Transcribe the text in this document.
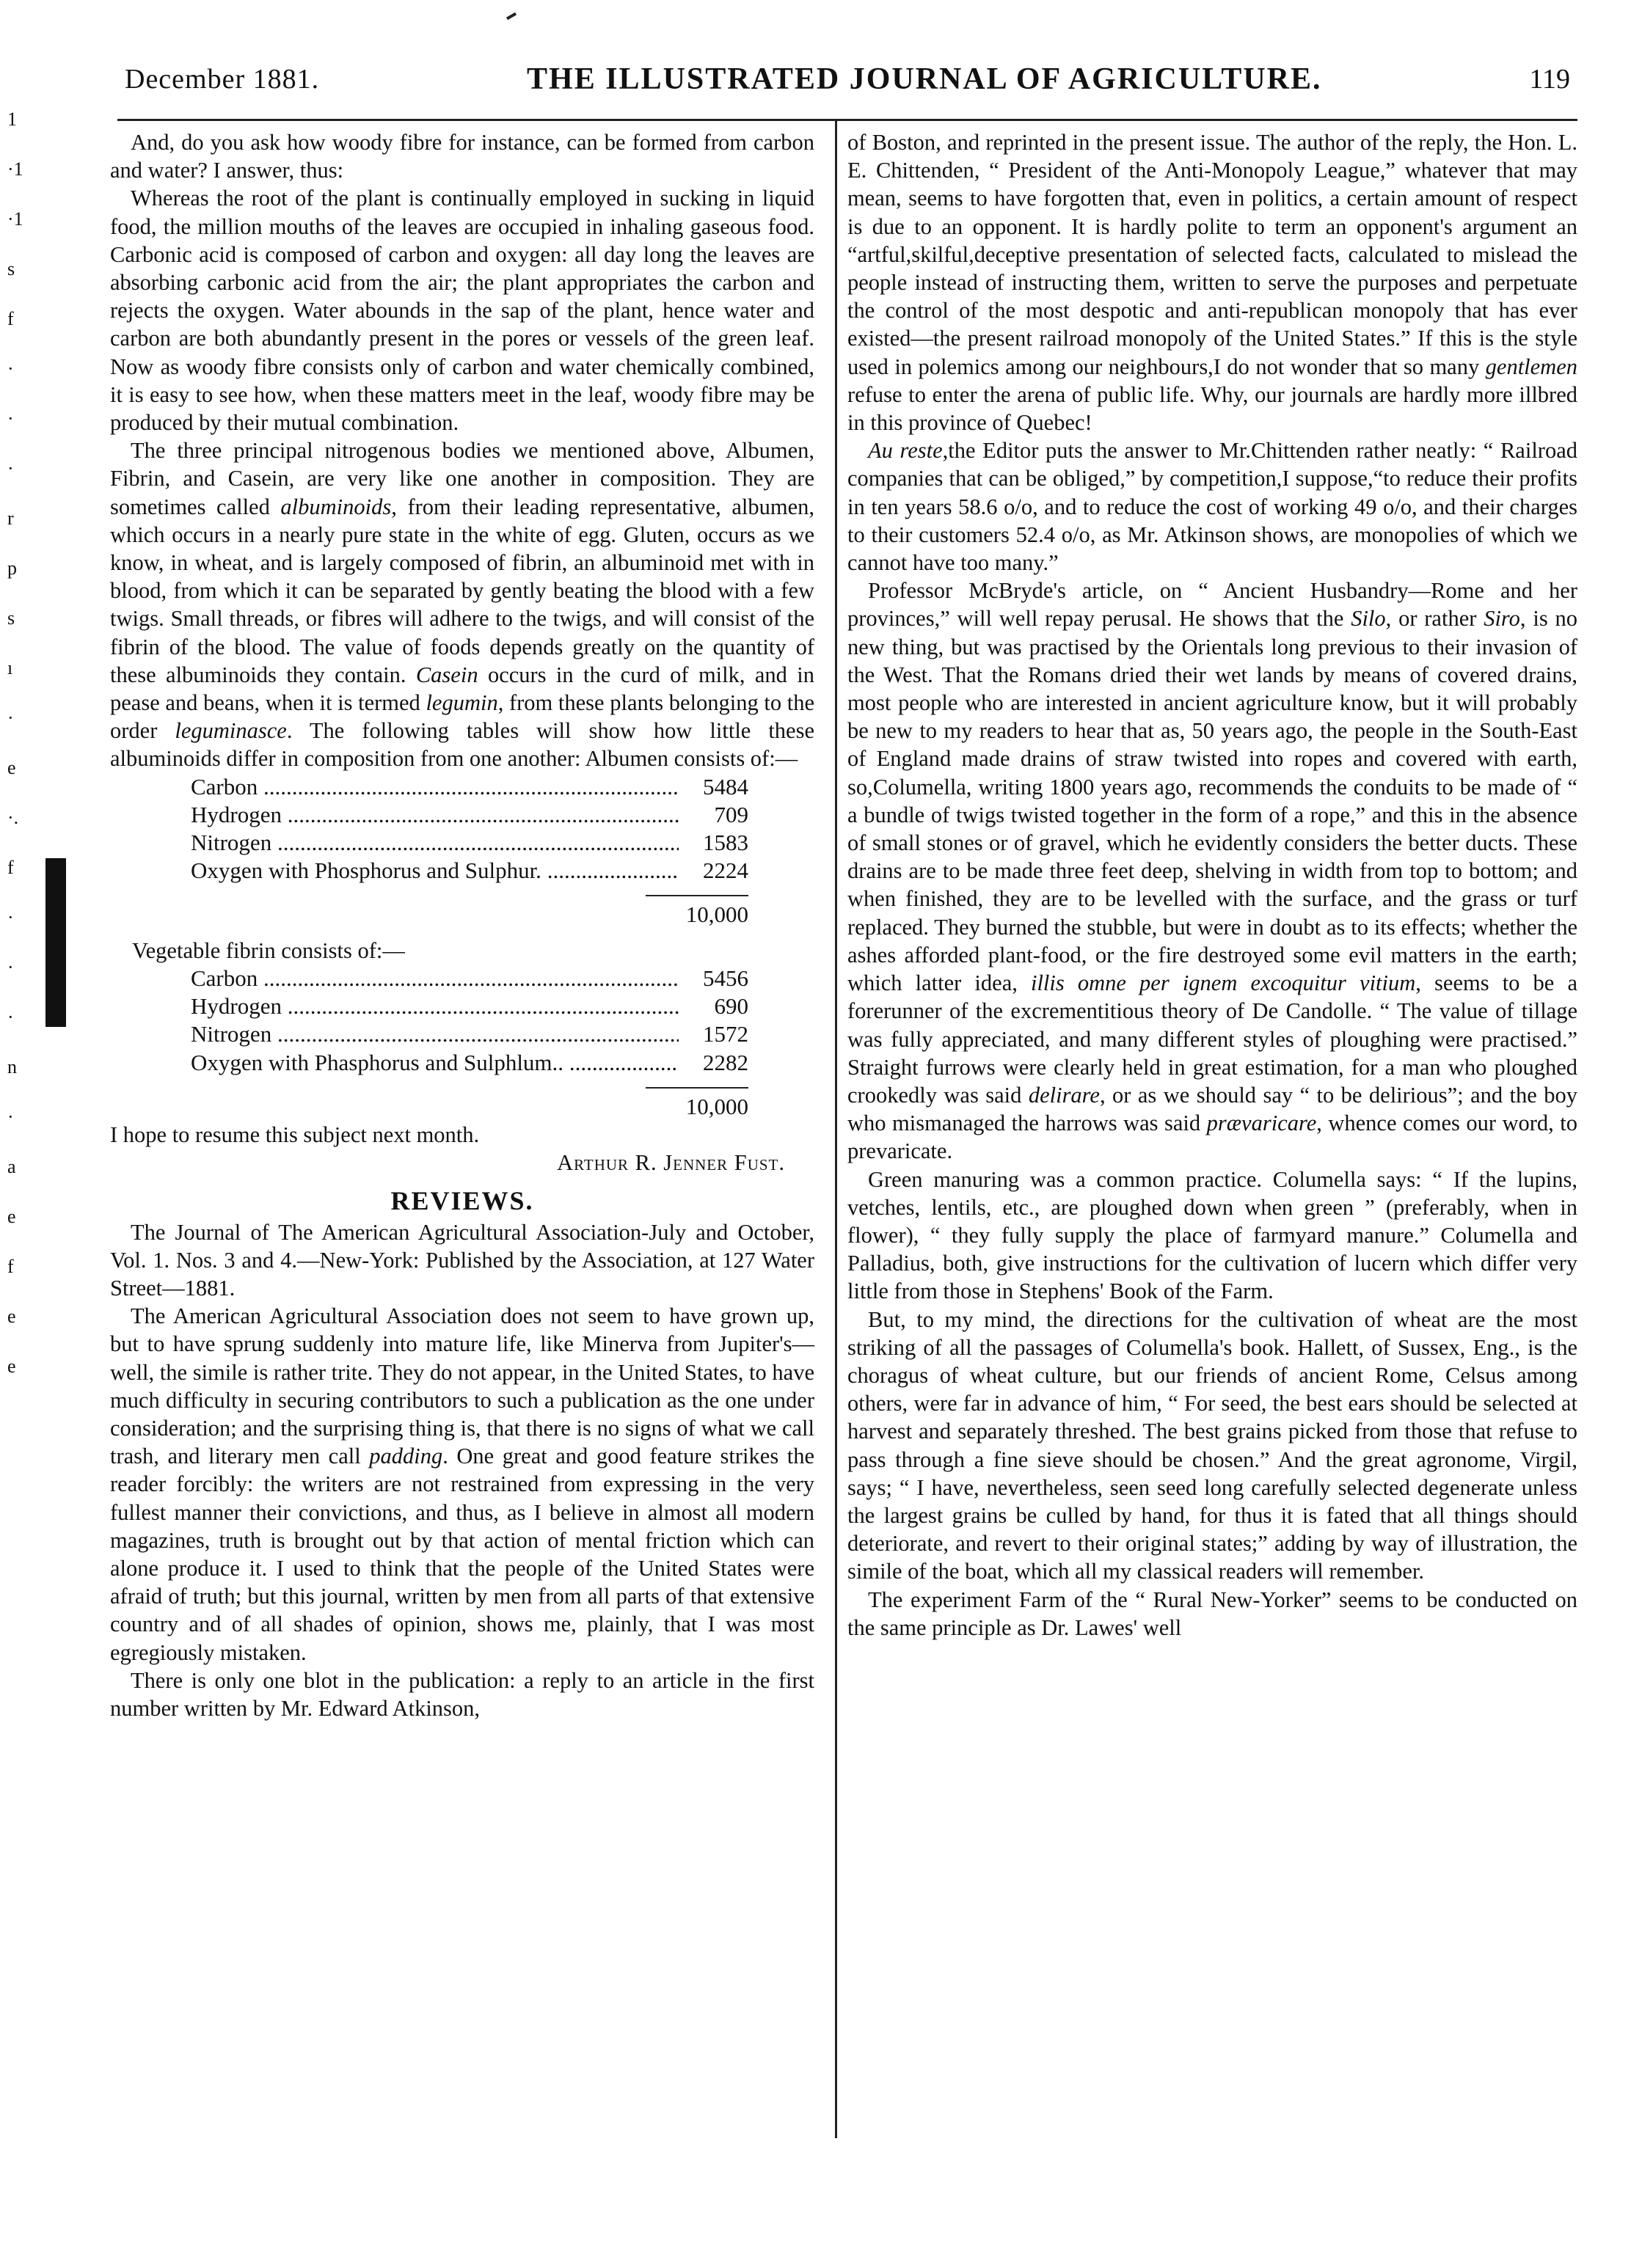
December 1881.	THE ILLUSTRATED JOURNAL OF AGRICULTURE.	119
1
·1
·1
s
f
·
·
·
r
p
s
ı
·
e
·.
f
·
·
·
n
·
a
e
f
e
e

And, do you ask how woody fibre for instance, can be formed from carbon and water? I answer, thus:

Whereas the root of the plant is continually employed in sucking in liquid food, the million mouths of the leaves are occupied in inhaling gaseous food. Carbonic acid is composed of carbon and oxygen: all day long the leaves are absorbing carbonic acid from the air; the plant appropriates the carbon and rejects the oxygen. Water abounds in the sap of the plant, hence water and carbon are both abundantly present in the pores or vessels of the green leaf. Now as woody fibre consists only of carbon and water chemically combined, it is easy to see how, when these matters meet in the leaf, woody fibre may be produced by their mutual combination.

The three principal nitrogenous bodies we mentioned above, Albumen, Fibrin, and Casein, are very like one another in composition. They are sometimes called albuminoids, from their leading representative, albumen, which occurs in a nearly pure state in the white of egg. Gluten, occurs as we know, in wheat, and is largely composed of fibrin, an albuminoid met with in blood, from which it can be separated by gently beating the blood with a few twigs. Small threads, or fibres will adhere to the twigs, and will consist of the fibrin of the blood. The value of foods depends greatly on the quantity of these albuminoids they contain. Casein occurs in the curd of milk, and in pease and beans, when it is termed legumin, from these plants belonging to the order leguminasce. The following tables will show how little these albuminoids differ in composition from one another: Albumen consists of:—

Carbon .....	5484
Hydrogen .....	709
Nitrogen .....	1583
Oxygen with Phosphorus and Sulphur. .....	2224
10,000

Vegetable fibrin consists of:—

Carbon .....	5456
Hydrogen .....	690
Nitrogen .....	1572
Oxygen with Phasphorus and Sulphlum.. .....	2282
10,000

I hope to resume this subject next month.

Arthur R. Jenner Fust.

REVIEWS.

The Journal of The American Agricultural Association-July and October, Vol. 1. Nos. 3 and 4.—New-York: Published by the Association, at 127 Water Street—1881.

The American Agricultural Association does not seem to have grown up, but to have sprung suddenly into mature life, like Minerva from Jupiter's—well, the simile is rather trite. They do not appear, in the United States, to have much difficulty in securing contributors to such a publication as the one under consideration; and the surprising thing is, that there is no signs of what we call trash, and literary men call padding. One great and good feature strikes the reader forcibly: the writers are not restrained from expressing in the very fullest manner their convictions, and thus, as I believe in almost all modern magazines, truth is brought out by that action of mental friction which can alone produce it. I used to think that the people of the United States were afraid of truth; but this journal, written by men from all parts of that extensive country and of all shades of opinion, shows me, plainly, that I was most egregiously mistaken.

There is only one blot in the publication: a reply to an article in the first number written by Mr. Edward Atkinson,

of Boston, and reprinted in the present issue. The author of the reply, the Hon. L. E. Chittenden, “ President of the Anti-Monopoly League,” whatever that may mean, seems to have forgotten that, even in politics, a certain amount of respect is due to an opponent. It is hardly polite to term an opponent's argument an “artful,skilful,deceptive presentation of selected facts, calculated to mislead the people instead of instructing them, written to serve the purposes and perpetuate the control of the most despotic and anti-republican monopoly that has ever existed—the present railroad monopoly of the United States.” If this is the style used in polemics among our neighbours,I do not wonder that so many gentlemen refuse to enter the arena of public life. Why, our journals are hardly more illbred in this province of Quebec!

Au reste,the Editor puts the answer to Mr.Chittenden rather neatly: “ Railroad companies that can be obliged,” by competition,I suppose,“to reduce their profits in ten years 58.6 o/o, and to reduce the cost of working 49 o/o, and their charges to their customers 52.4 o/o, as Mr. Atkinson shows, are monopolies of which we cannot have too many.”

Professor McBryde's article, on “ Ancient Husbandry—Rome and her provinces,” will well repay perusal. He shows that the Silo, or rather Siro, is no new thing, but was practised by the Orientals long previous to their invasion of the West. That the Romans dried their wet lands by means of covered drains, most people who are interested in ancient agriculture know, but it will probably be new to my readers to hear that as, 50 years ago, the people in the South-East of England made drains of straw twisted into ropes and covered with earth, so,Columella, writing 1800 years ago, recommends the conduits to be made of “ a bundle of twigs twisted together in the form of a rope,” and this in the absence of small stones or of gravel, which he evidently considers the better ducts. These drains are to be made three feet deep, shelving in width from top to bottom; and when finished, they are to be levelled with the surface, and the grass or turf replaced. They burned the stubble, but were in doubt as to its effects; whether the ashes afforded plant-food, or the fire destroyed some evil matters in the earth; which latter idea, illis omne per ignem excoquitur vitium, seems to be a forerunner of the excrementitious theory of De Candolle. “ The value of tillage was fully appreciated, and many different styles of ploughing were practised.” Straight furrows were clearly held in great estimation, for a man who ploughed crookedly was said delirare, or as we should say “ to be delirious”; and the boy who mismanaged the harrows was said prævaricare, whence comes our word, to prevaricate.

Green manuring was a common practice. Columella says: “ If the lupins, vetches, lentils, etc., are ploughed down when green ” (preferably, when in flower), “ they fully supply the place of farmyard manure.” Columella and Palladius, both, give instructions for the cultivation of lucern which differ very little from those in Stephens' Book of the Farm.

But, to my mind, the directions for the cultivation of wheat are the most striking of all the passages of Columella's book. Hallett, of Sussex, Eng., is the choragus of wheat culture, but our friends of ancient Rome, Celsus among others, were far in advance of him, “ For seed, the best ears should be selected at harvest and separately threshed. The best grains picked from those that refuse to pass through a fine sieve should be chosen.” And the great agronome, Virgil, says; “ I have, nevertheless, seen seed long carefully selected degenerate unless the largest grains be culled by hand, for thus it is fated that all things should deteriorate, and revert to their original states;” adding by way of illustration, the simile of the boat, which all my classical readers will remember.

The experiment Farm of the “ Rural New-Yorker” seems to be conducted on the same principle as Dr. Lawes' well
